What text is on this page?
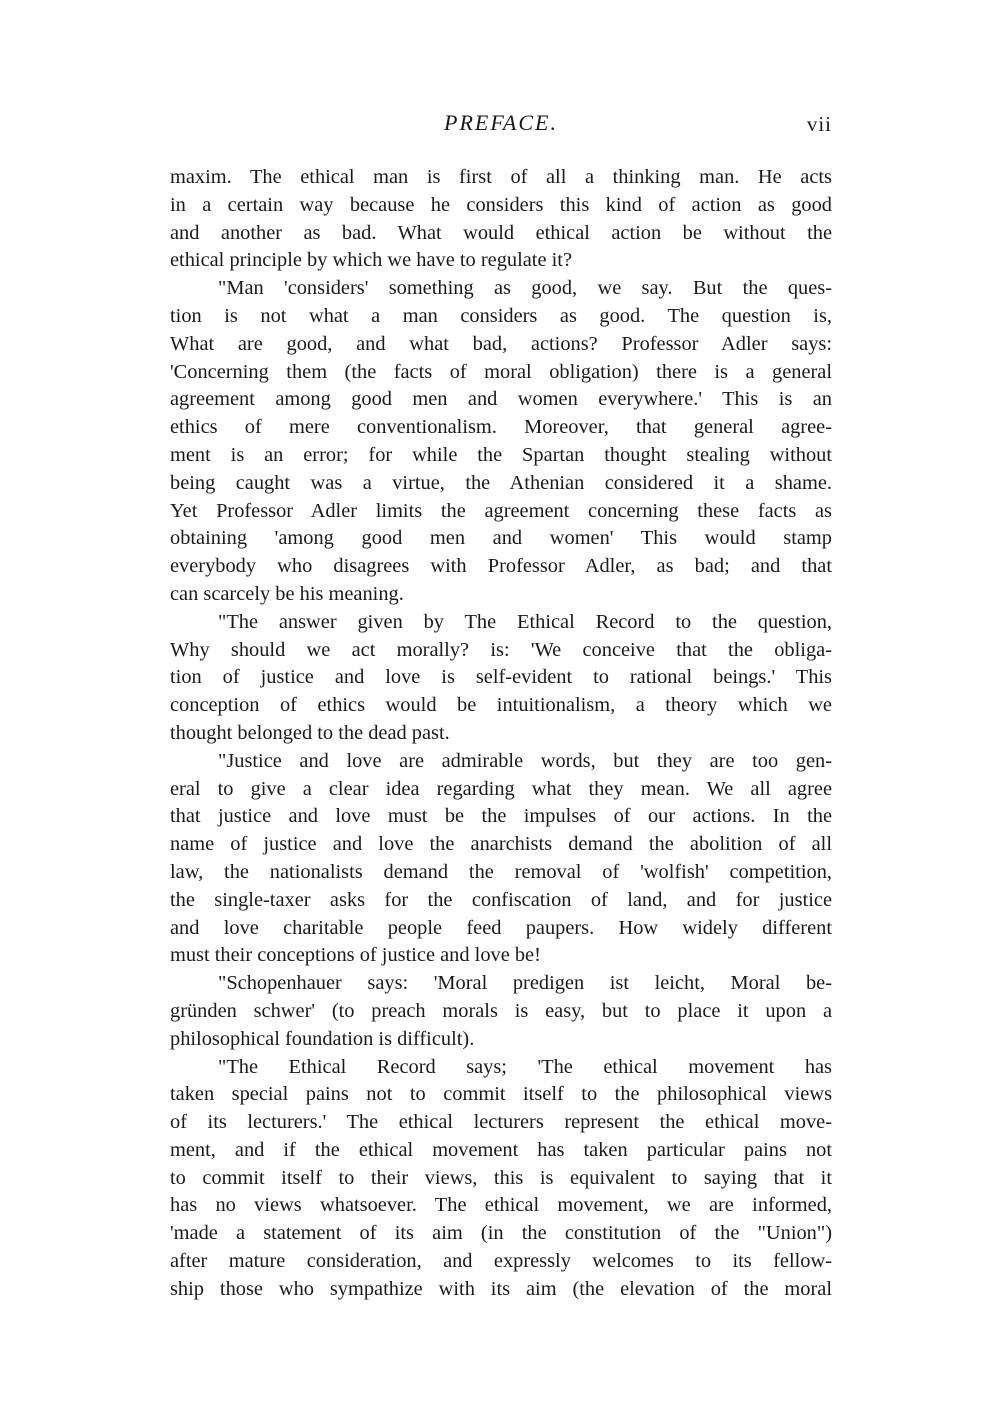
PREFACE.	vii

maxim. The ethical man is first of all a thinking man. He acts
in a certain way because he considers this kind of action as good
and another as bad. What would ethical action be without the
ethical principle by which we have to regulate it?

"Man 'considers' something as good, we say. But the ques-
tion is not what a man considers as good. The question is,
What are good, and what bad, actions? Professor Adler says:
'Concerning them (the facts of moral obligation) there is a general
agreement among good men and women everywhere.' This is an
ethics of mere conventionalism. Moreover, that general agree-
ment is an error; for while the Spartan thought stealing without
being caught was a virtue, the Athenian considered it a shame.
Yet Professor Adler limits the agreement concerning these facts as
obtaining 'among good men and women' This would stamp
everybody who disagrees with Professor Adler, as bad; and that
can scarcely be his meaning.

"The answer given by The Ethical Record to the question,
Why should we act morally? is: 'We conceive that the obliga-
tion of justice and love is self-evident to rational beings.' This
conception of ethics would be intuitionalism, a theory which we
thought belonged to the dead past.

"Justice and love are admirable words, but they are too gen-
eral to give a clear idea regarding what they mean. We all agree
that justice and love must be the impulses of our actions. In the
name of justice and love the anarchists demand the abolition of all
law, the nationalists demand the removal of 'wolfish' competition,
the single-taxer asks for the confiscation of land, and for justice
and love charitable people feed paupers. How widely different
must their conceptions of justice and love be!

"Schopenhauer says: 'Moral predigen ist leicht, Moral be-
gründen schwer' (to preach morals is easy, but to place it upon a
philosophical foundation is difficult).

"The Ethical Record says; 'The ethical movement has
taken special pains not to commit itself to the philosophical views
of its lecturers.' The ethical lecturers represent the ethical move-
ment, and if the ethical movement has taken particular pains not
to commit itself to their views, this is equivalent to saying that it
has no views whatsoever. The ethical movement, we are informed,
'made a statement of its aim (in the constitution of the "Union")
after mature consideration, and expressly welcomes to its fellow-
ship those who sympathize with its aim (the elevation of the moral
